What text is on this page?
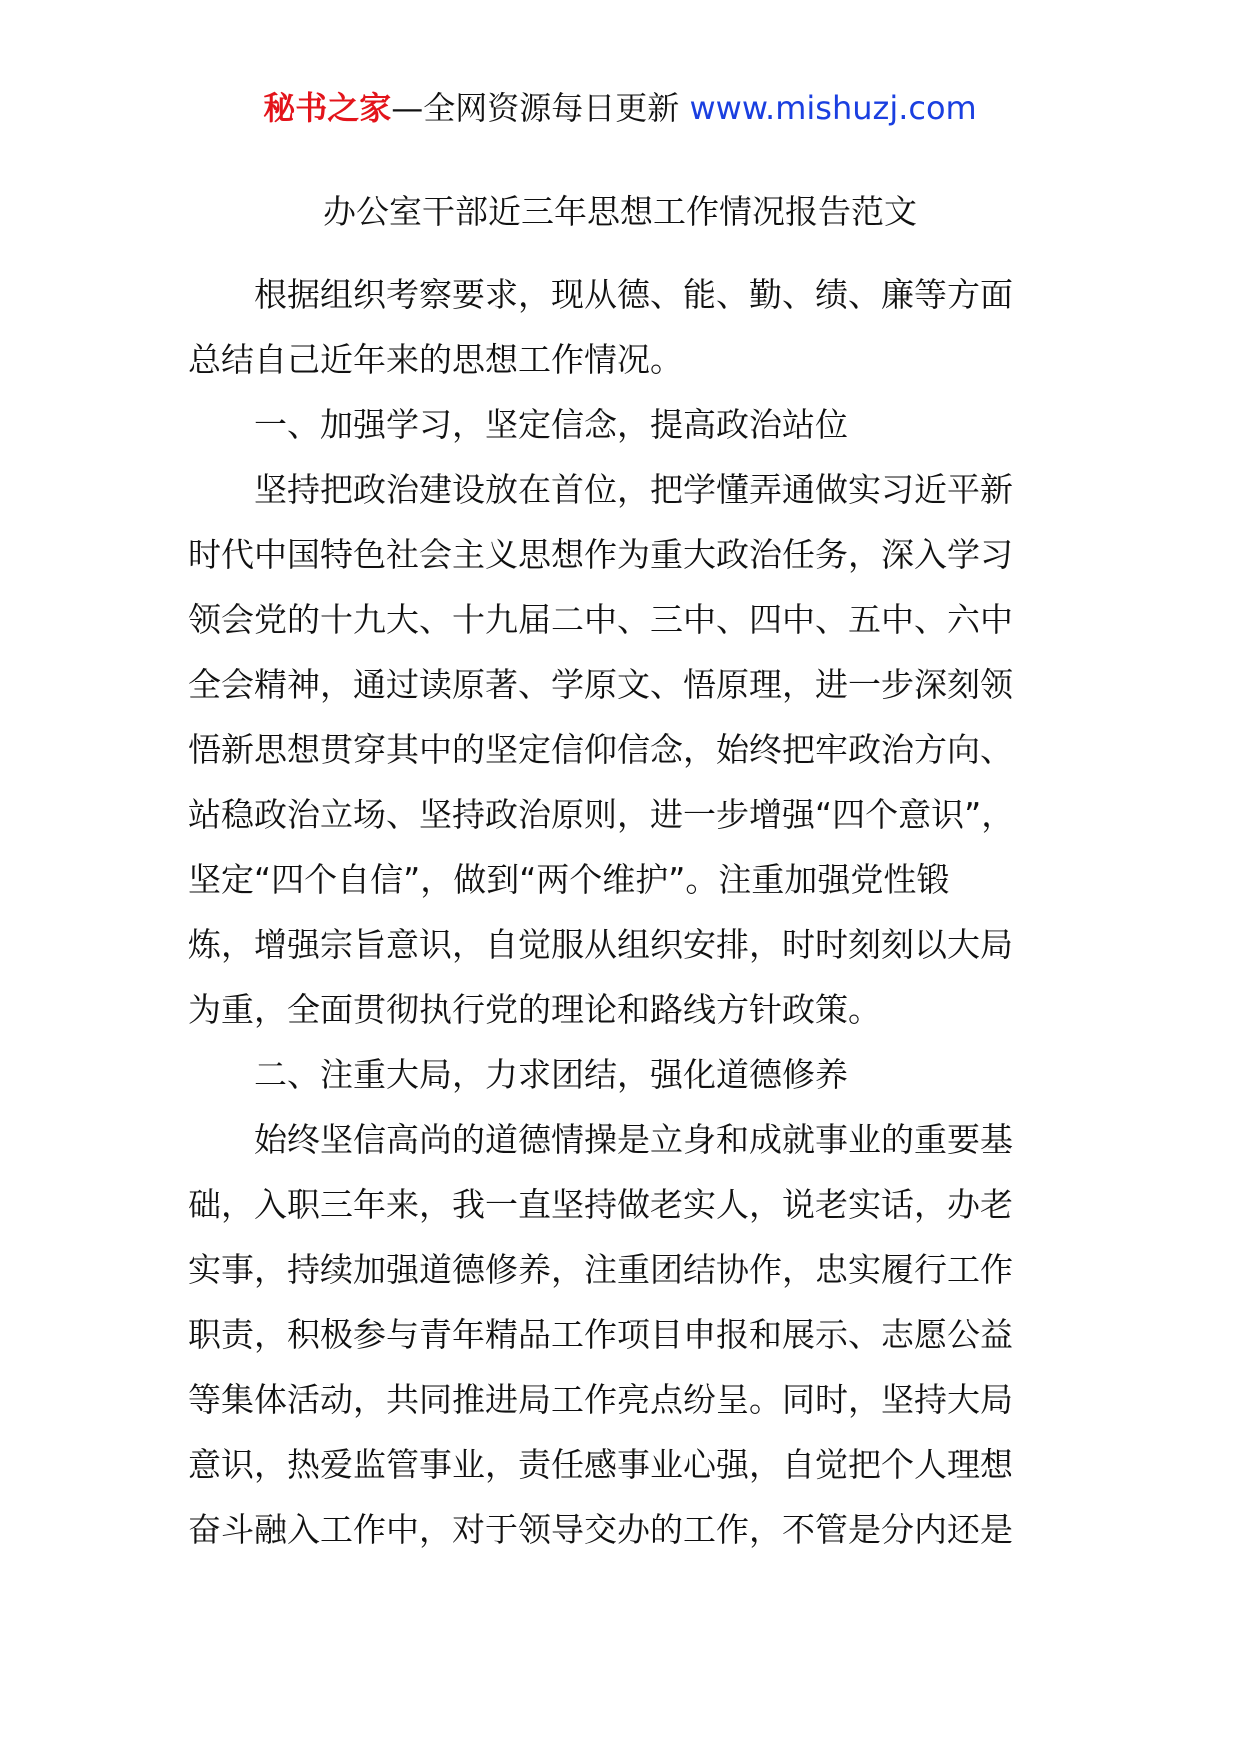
秘书之家—全网资源每日更新 www.mishuzj.com
办公室干部近三年思想工作情况报告范文
根据组织考察要求，现从德、能、勤、绩、廉等方面
总结自己近年来的思想工作情况。
一、加强学习，坚定信念，提高政治站位
坚持把政治建设放在首位，把学懂弄通做实习近平新
时代中国特色社会主义思想作为重大政治任务，深入学习
领会党的十九大、十九届二中、三中、四中、五中、六中
全会精神，通过读原著、学原文、悟原理，进一步深刻领
悟新思想贯穿其中的坚定信仰信念，始终把牢政治方向、
站稳政治立场、坚持政治原则，进一步增强“四个意识”，
坚定“四个自信”，做到“两个维护”。注重加强党性锻
炼，增强宗旨意识，自觉服从组织安排，时时刻刻以大局
为重，全面贯彻执行党的理论和路线方针政策。
二、注重大局，力求团结，强化道德修养
始终坚信高尚的道德情操是立身和成就事业的重要基
础，入职三年来，我一直坚持做老实人，说老实话，办老
实事，持续加强道德修养，注重团结协作，忠实履行工作
职责，积极参与青年精品工作项目申报和展示、志愿公益
等集体活动，共同推进局工作亮点纷呈。同时，坚持大局
意识，热爱监管事业，责任感事业心强，自觉把个人理想
奋斗融入工作中，对于领导交办的工作，不管是分内还是
